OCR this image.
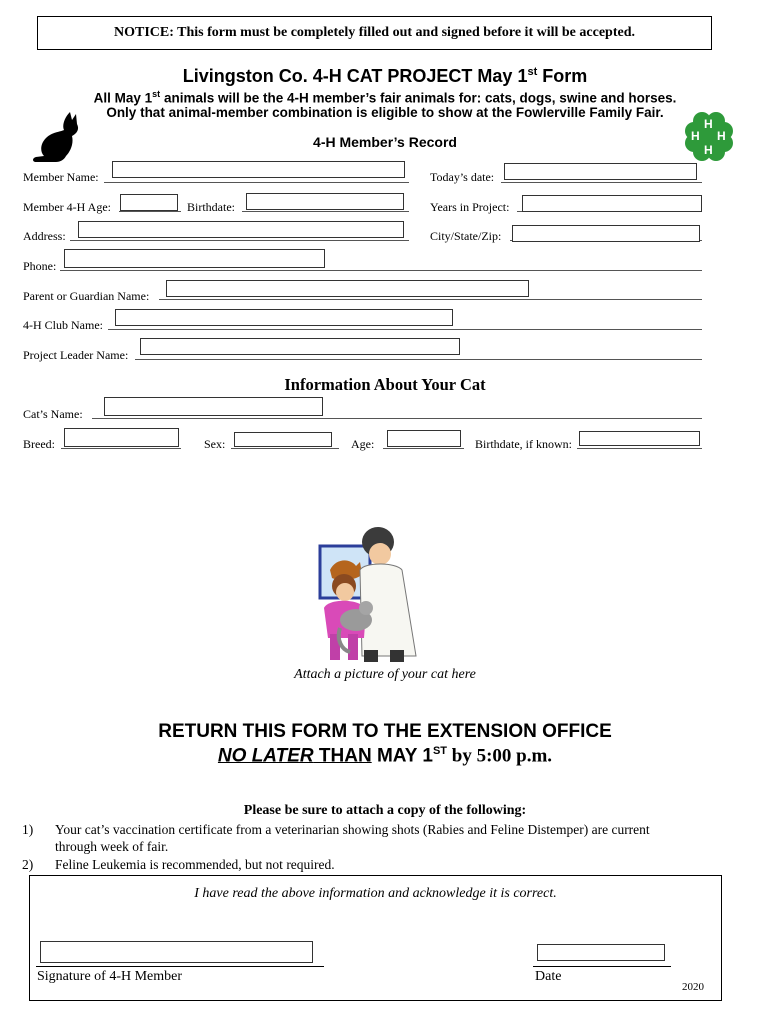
NOTICE: This form must be completely filled out and signed before it will be accepted.
Livingston Co. 4-H CAT PROJECT May 1st Form
All May 1st animals will be the 4-H member’s fair animals for: cats, dogs, swine and horses.
Only that animal-member combination is eligible to show at the Fowlerville Family Fair.
H
H H
H
4-H Member’s Record
Member Name:	Today’s date:
Member 4-H Age:	Birthdate:	Years in Project:
Address:	City/State/Zip:
Phone:
Parent or Guardian Name:
4-H Club Name:
Project Leader Name:
Information About Your Cat
Cat’s Name:
Breed:	Sex:	Age:	Birthdate, if known:
Attach a picture of your cat here
RETURN THIS FORM TO THE EXTENSION OFFICE
NO LATER THAN MAY 1ST by 5:00 p.m.
Please be sure to attach a copy of the following:
1) Your cat’s vaccination certificate from a veterinarian showing shots (Rabies and Feline Distemper) are current
through week of fair.
2) Feline Leukemia is recommended, but not required.
I have read the above information and acknowledge it is correct.
Signature of 4-H Member	Date
2020
